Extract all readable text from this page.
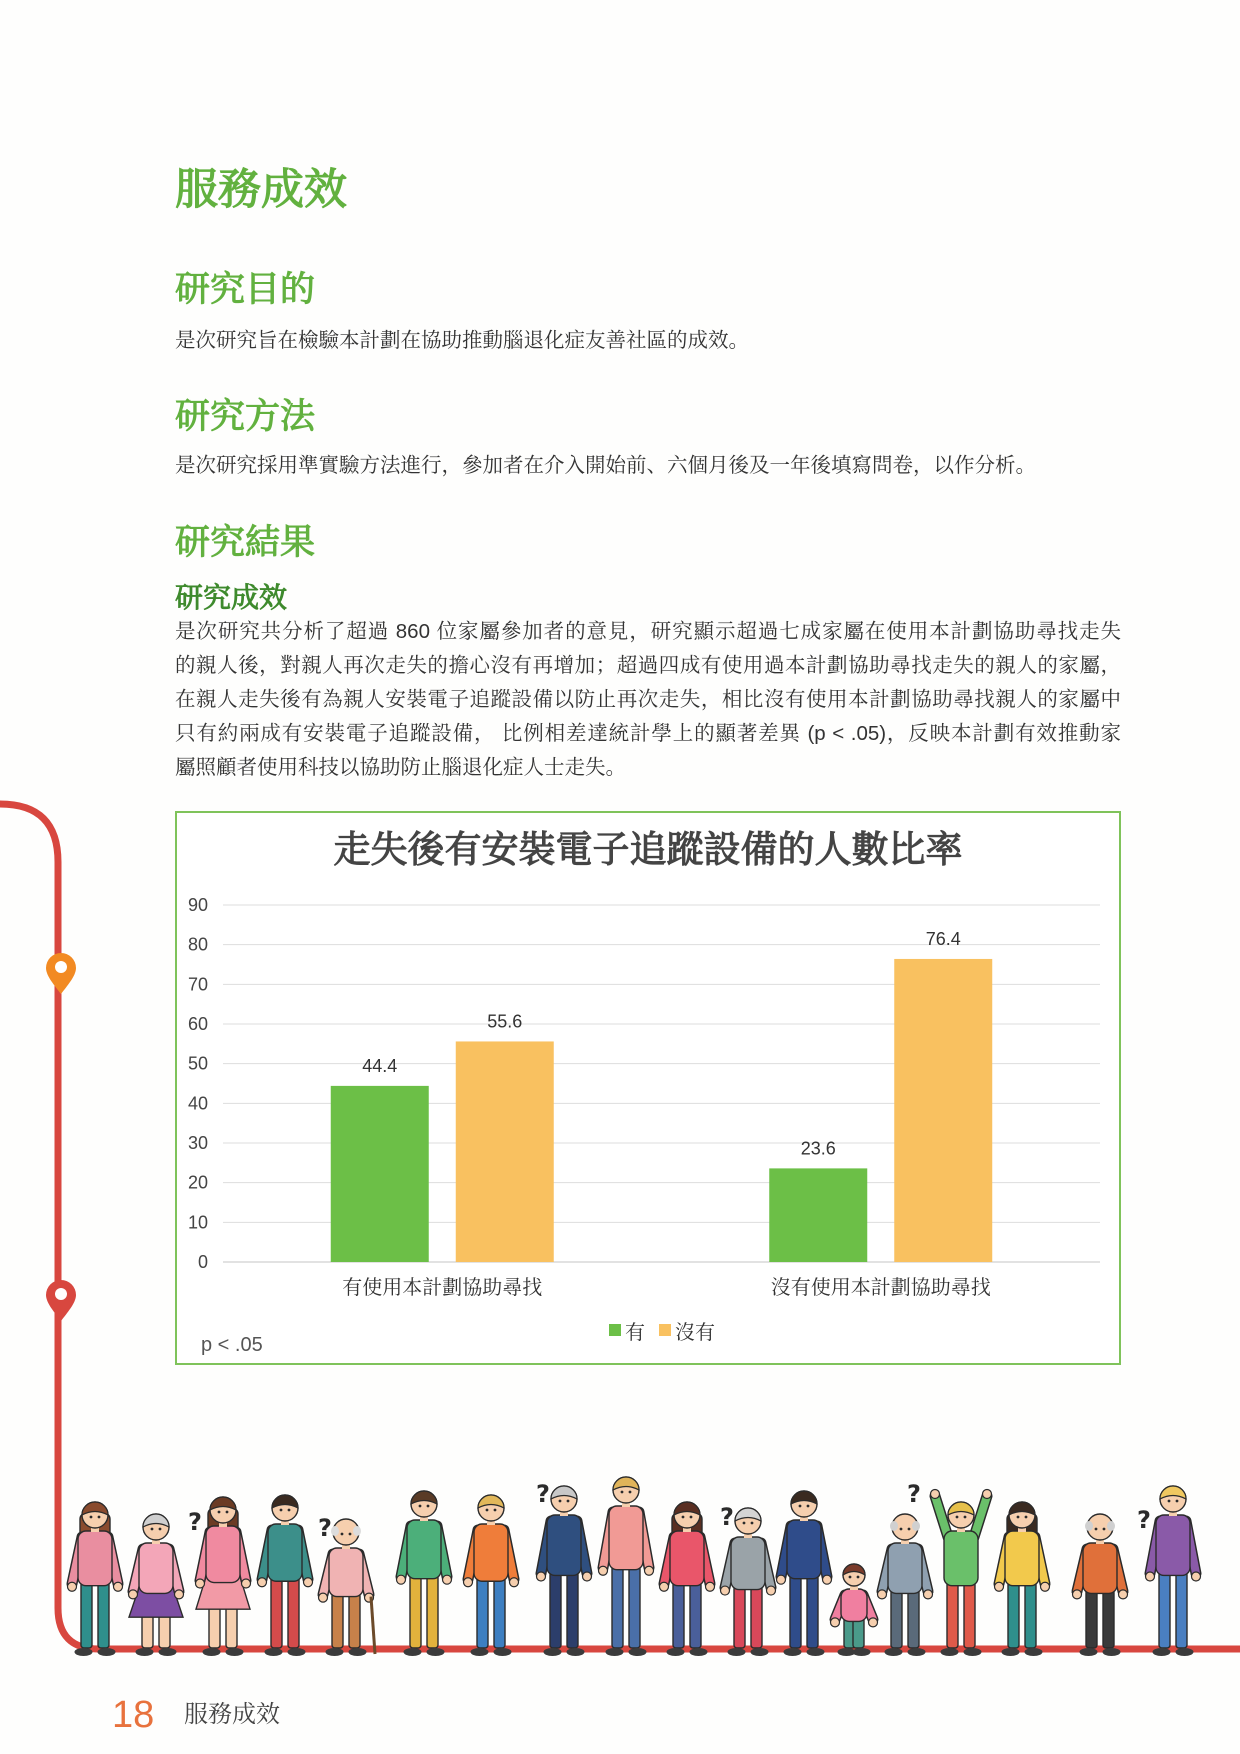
?	?
?
?
?
?
服務成效
研究目的

是次研究旨在檢驗本計劃在協助推動腦退化症友善社區的成效。

研究方法

是次研究採用準實驗方法進行，參加者在介入開始前、六個月後及一年後填寫問卷，以作分析。

研究結果
研究成效
是次研究共分析了超過 860 位家屬參加者的意見，研究顯示超過七成家屬在使用本計劃協助尋找走失
的親人後，對親人再次走失的擔心沒有再增加；超過四成有使用過本計劃協助尋找走失的親人的家屬，
在親人走失後有為親人安裝電子追蹤設備以防止再次走失，相比沒有使用本計劃協助尋找親人的家屬中
只有約兩成有安裝電子追蹤設備， 比例相差達統計學上的顯著差異 (p < .05)，反映本計劃有效推動家
屬照顧者使用科技以協助防止腦退化症人士走失。
走失後有安裝電子追蹤設備的人數比率
0
10
20
30
40
50
60
70
80
90
44.4
55.6
有使用本計劃協助尋找
23.6
76.4
沒有使用本計劃協助尋找
有 沒有
p < .05
18 服務成效
